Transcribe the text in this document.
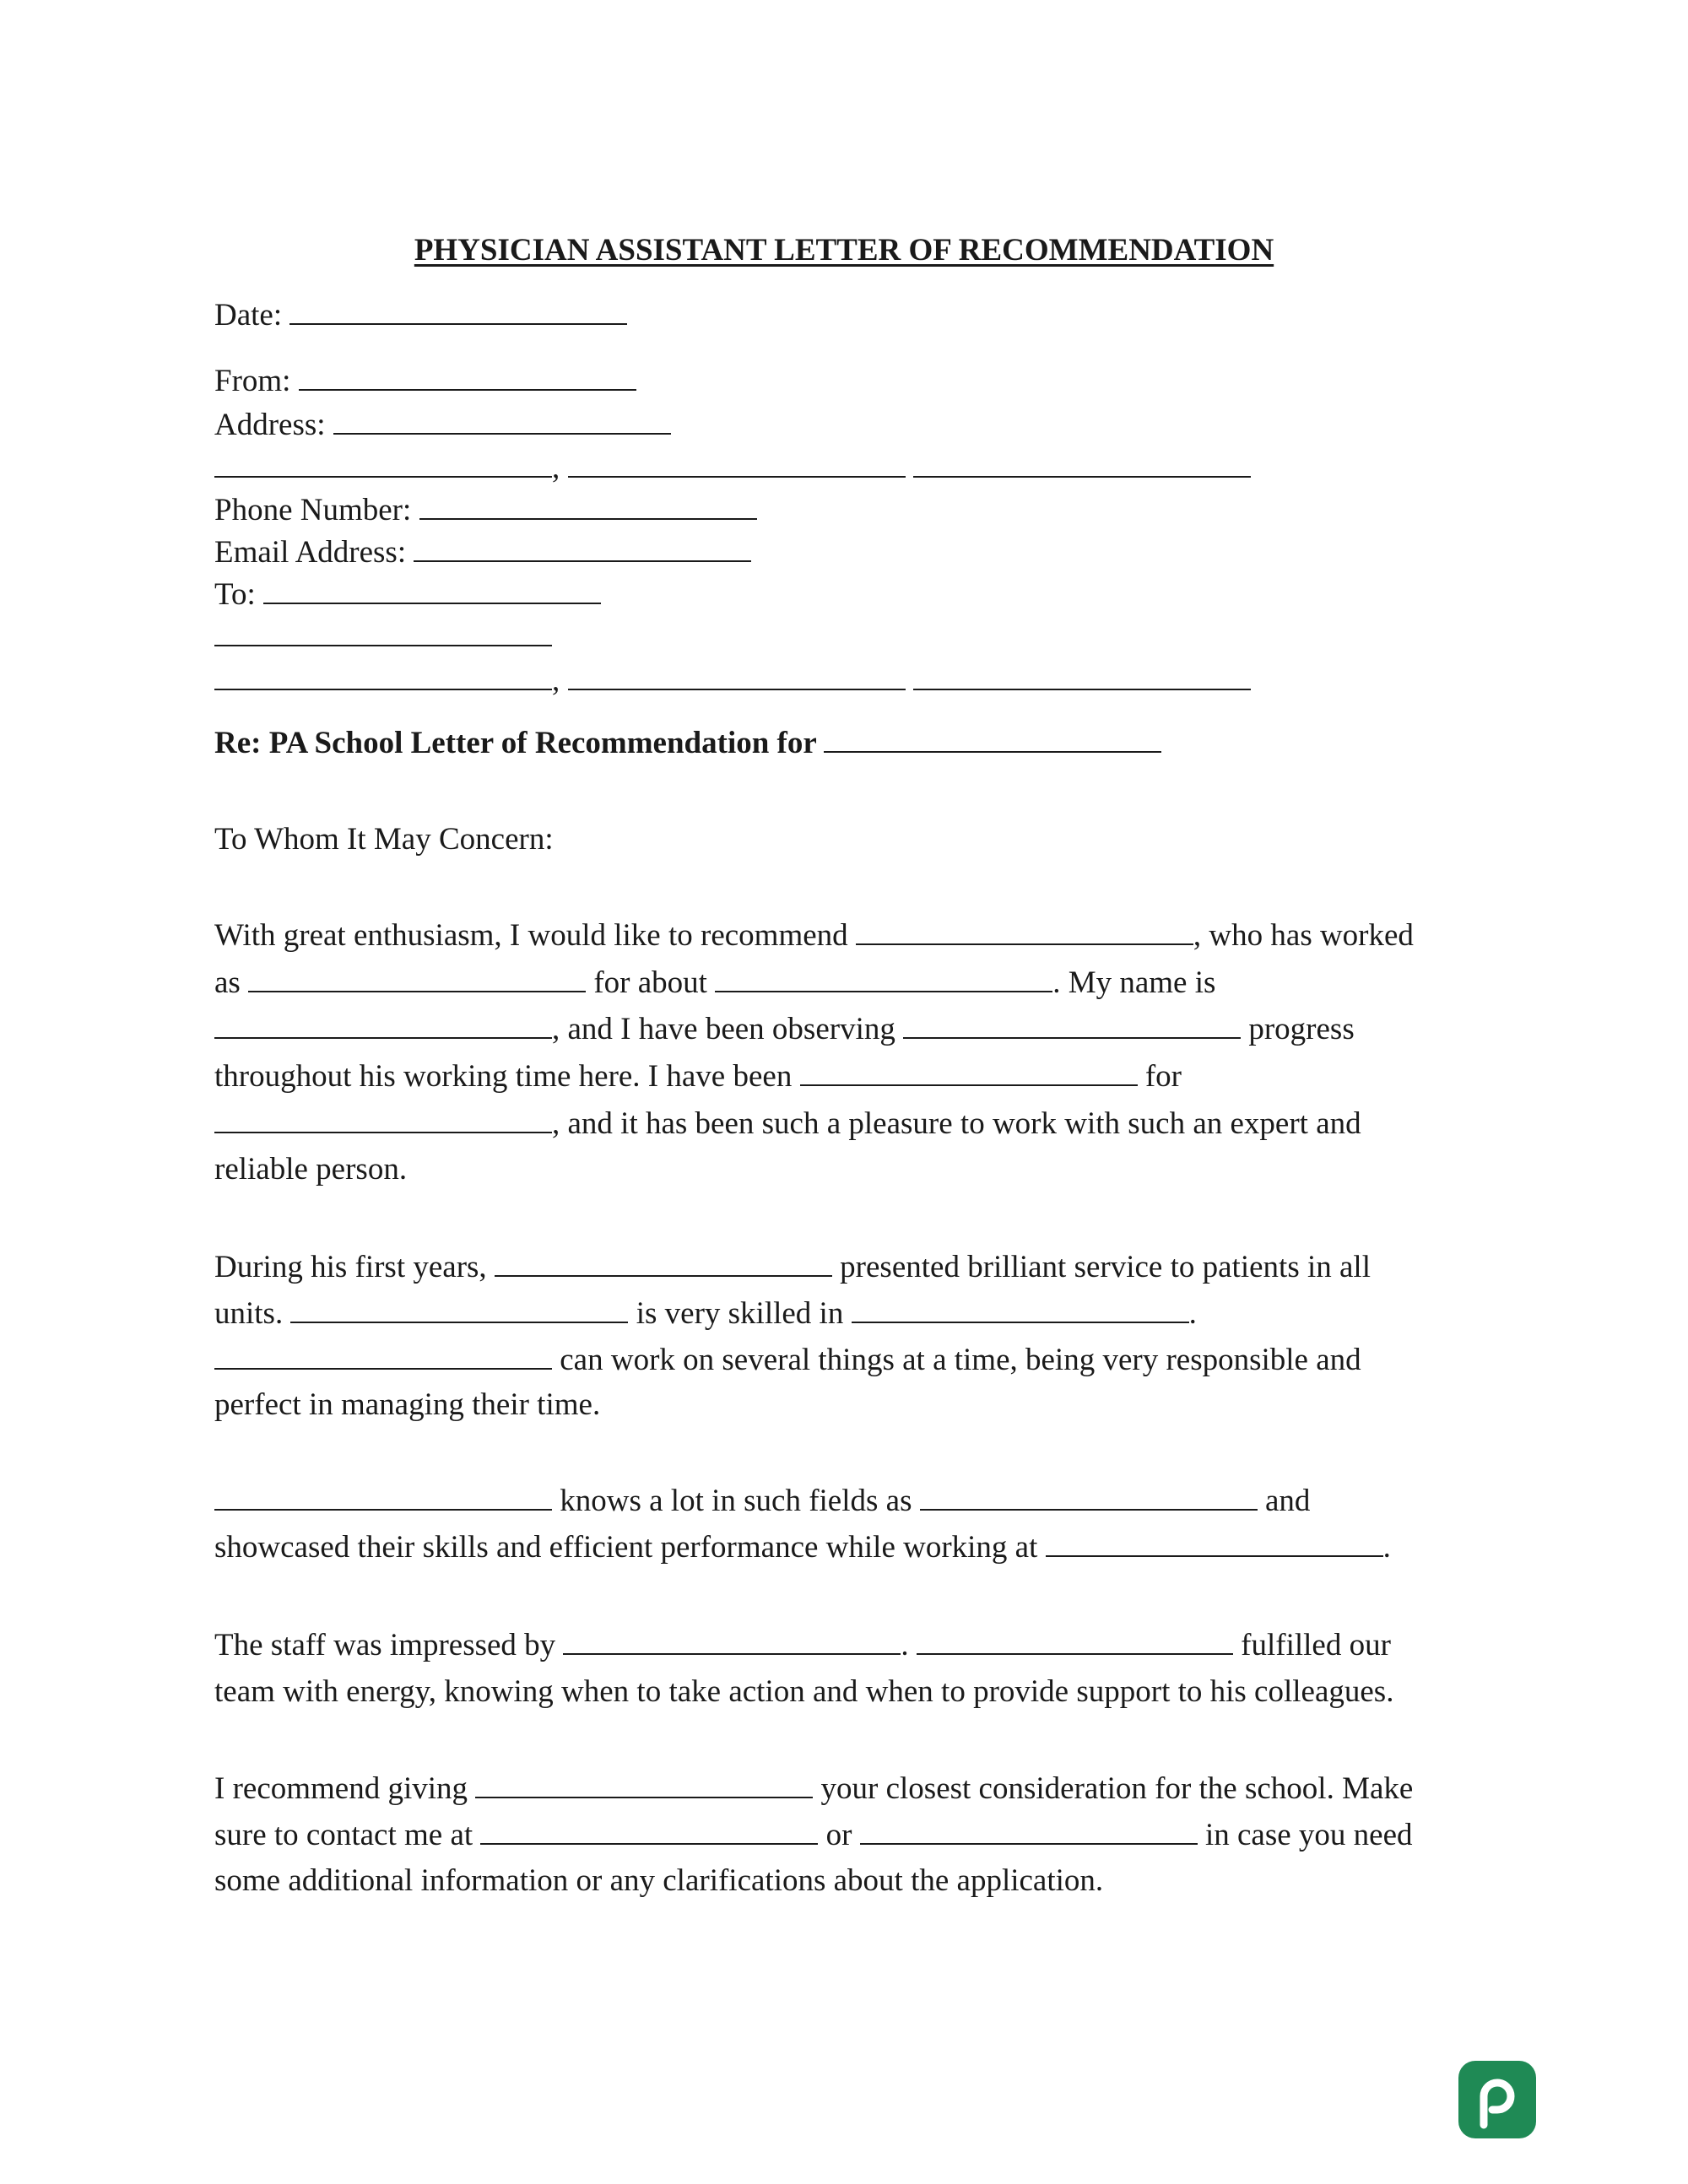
PHYSICIAN ASSISTANT LETTER OF RECOMMENDATION
Date:
From:
Address:
,
Phone Number:
Email Address:
To:
,
Re: PA School Letter of Recommendation for
To Whom It May Concern:
With great enthusiasm, I would like to recommend	, who has worked
as	for about	. My name is
, and I have been observing	progress
throughout his working time here. I have been	for
, and it has been such a pleasure to work with such an expert and
reliable person.
During his first years,	presented brilliant service to patients in all
units.	is very skilled in	.
can work on several things at a time, being very responsible and
perfect in managing their time.
knows a lot in such fields as	and
showcased their skills and efficient performance while working at	.
The staff was impressed by	.	fulfilled our
team with energy, knowing when to take action and when to provide support to his colleagues.
I recommend giving	your closest consideration for the school. Make
sure to contact me at	or	in case you need
some additional information or any clarifications about the application.
